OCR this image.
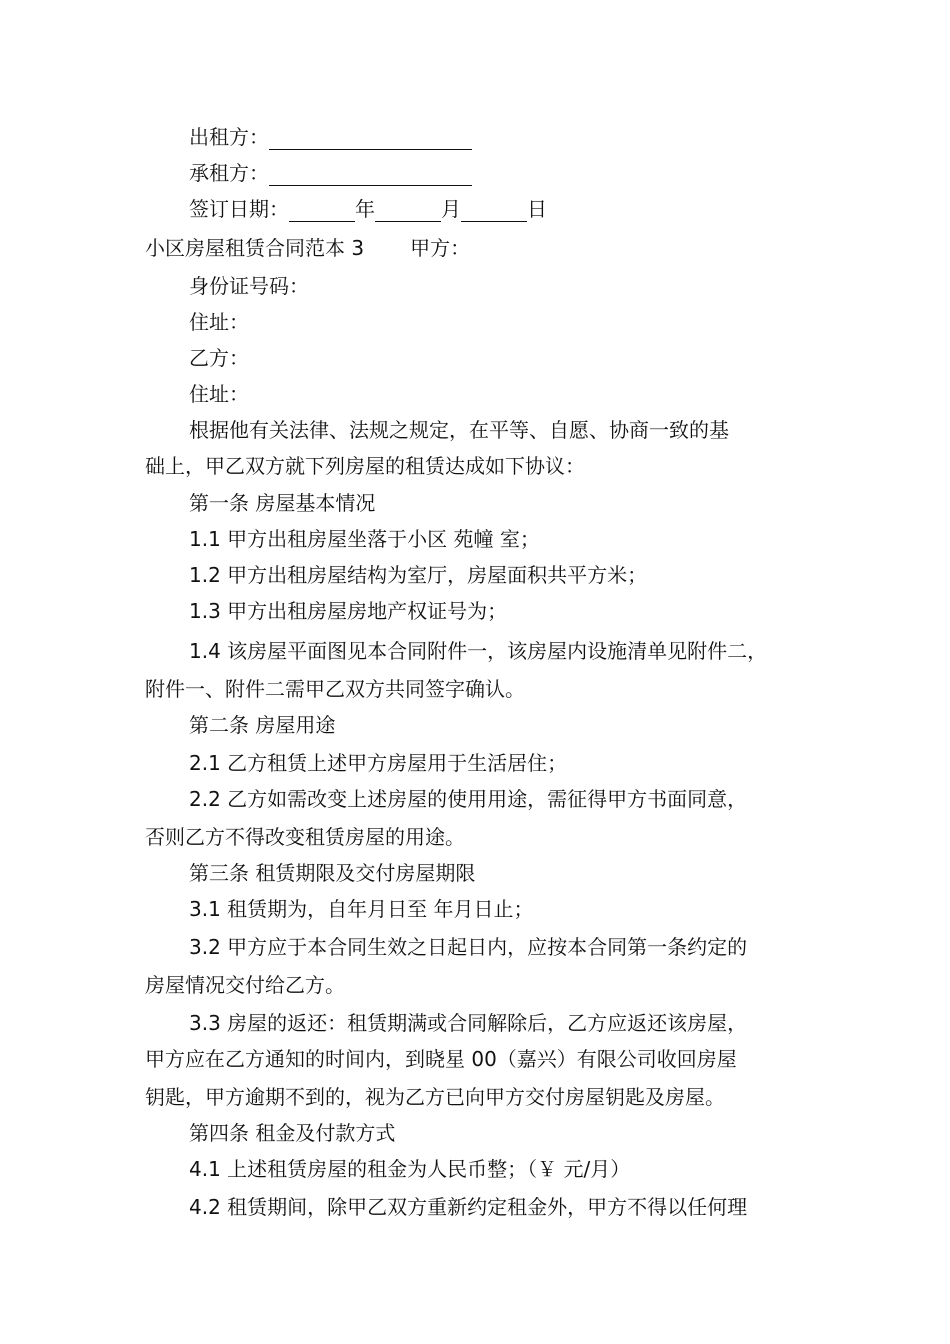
出租方：
承租方：
签订日期：	年	月	日
小区房屋租赁合同范本 3 甲方：
身份证号码：
住址：
乙方：
住址：
根据他有关法律、法规之规定，在平等、自愿、协商一致的基
础上，甲乙双方就下列房屋的租赁达成如下协议：
第一条 房屋基本情况
1.1 甲方出租房屋坐落于小区 苑幢 室；
1.2 甲方出租房屋结构为室厅，房屋面积共平方米；
1.3 甲方出租房屋房地产权证号为；
1.4 该房屋平面图见本合同附件一，该房屋内设施清单见附件二，
附件一、附件二需甲乙双方共同签字确认。
第二条 房屋用途
2.1 乙方租赁上述甲方房屋用于生活居住；
2.2 乙方如需改变上述房屋的使用用途，需征得甲方书面同意，
否则乙方不得改变租赁房屋的用途。
第三条 租赁期限及交付房屋期限
3.1 租赁期为，自年月日至 年月日止；
3.2 甲方应于本合同生效之日起日内，应按本合同第一条约定的
房屋情况交付给乙方。
3.3 房屋的返还：租赁期满或合同解除后，乙方应返还该房屋，
甲方应在乙方通知的时间内，到晓星 00（嘉兴）有限公司收回房屋
钥匙，甲方逾期不到的，视为乙方已向甲方交付房屋钥匙及房屋。
第四条 租金及付款方式
4.1 上述租赁房屋的租金为人民币整；（￥ 元/月）
4.2 租赁期间，除甲乙双方重新约定租金外，甲方不得以任何理
